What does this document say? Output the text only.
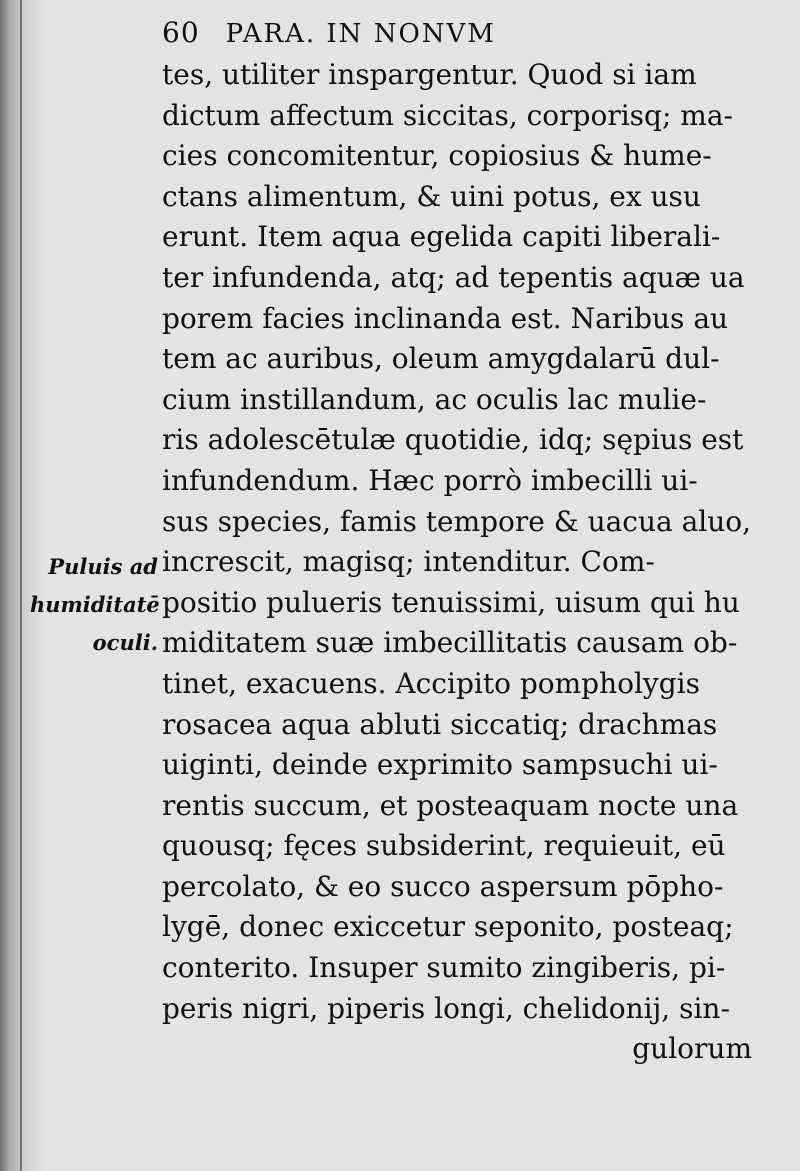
60 PARA. IN NONVM
Puluis ad
humiditatē
oculi.
tes, utiliter inspargentur. Quod si iam
dictum affectum siccitas, corporisq; ma-
cies concomitentur, copiosius & hume-
ctans alimentum, & uini potus, ex usu
erunt. Item aqua egelida capiti liberali-
ter infundenda, atq; ad tepentis aquæ ua
porem facies inclinanda est. Naribus au
tem ac auribus, oleum amygdalarū dul-
cium instillandum, ac oculis lac mulie-
ris adolescētulæ quotidie, idq; sępius est
infundendum. Hæc porrò imbecilli ui-
sus species, famis tempore & uacua aluo,
increscit, magisq; intenditur. Com-
positio pulueris tenuissimi, uisum qui hu
miditatem suæ imbecillitatis causam ob-
tinet, exacuens. Accipito pompholygis
rosacea aqua abluti siccatiq; drachmas
uiginti, deinde exprimito sampsuchi ui-
rentis succum, et posteaquam nocte una
quousq; fęces subsiderint, requieuit, eū
percolato, & eo succo aspersum pōpho-
lygē, donec exiccetur seponito, posteaq;
conterito. Insuper sumito zingiberis, pi-
peris nigri, piperis longi, chelidonij, sin-
gulorum
